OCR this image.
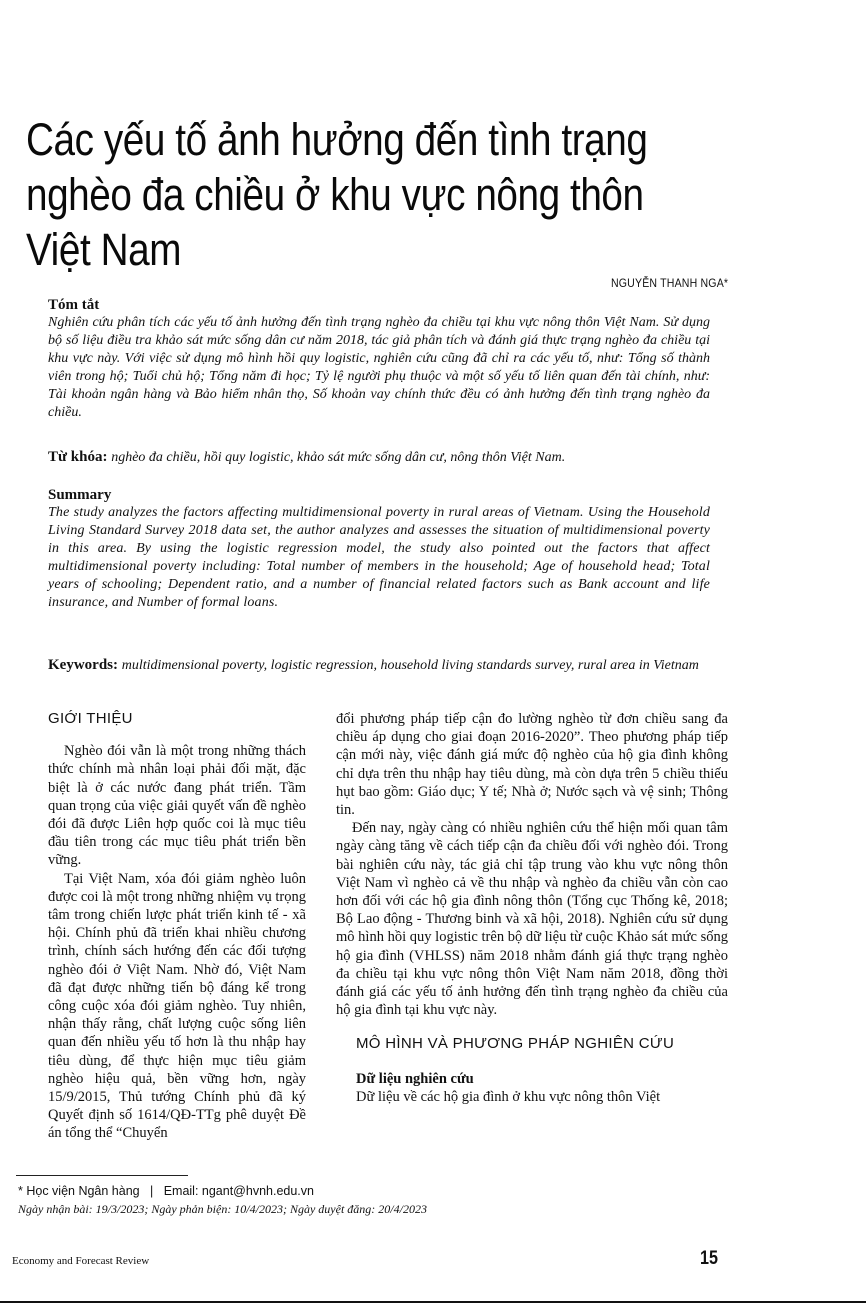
Các yếu tố ảnh hưởng đến tình trạng
nghèo đa chiều ở khu vực nông thôn
Việt Nam
NGUYỄN THANH NGA*
Tóm tắt

Nghiên cứu phân tích các yếu tố ảnh hưởng đến tình trạng nghèo đa chiều tại khu vực nông thôn Việt Nam. Sử dụng bộ số liệu điều tra khảo sát mức sống dân cư năm 2018, tác giả phân tích và đánh giá thực trạng nghèo đa chiều tại khu vực này. Với việc sử dụng mô hình hồi quy logistic, nghiên cứu cũng đã chỉ ra các yếu tố, như: Tổng số thành viên trong hộ; Tuổi chủ hộ; Tổng năm đi học; Tỷ lệ người phụ thuộc và một số yếu tố liên quan đến tài chính, như: Tài khoản ngân hàng và Bảo hiểm nhân thọ, Số khoản vay chính thức đều có ảnh hưởng đến tình trạng nghèo đa chiều.

Từ khóa: nghèo đa chiều, hồi quy logistic, khảo sát mức sống dân cư, nông thôn Việt Nam.
Summary

The study analyzes the factors affecting multidimensional poverty in rural areas of Vietnam. Using the Household Living Standard Survey 2018 data set, the author analyzes and assesses the situation of multidimensional poverty in this area. By using the logistic regression model, the study also pointed out the factors that affect multidimensional poverty including: Total number of members in the household; Age of household head; Total years of schooling; Dependent ratio, and a number of financial related factors such as Bank account and life insurance, and Number of formal loans.

Keywords: multidimensional poverty, logistic regression, household living standards survey, rural area in Vietnam
GIỚI THIỆU

Nghèo đói vẫn là một trong những thách thức chính mà nhân loại phải đối mặt, đặc biệt là ở các nước đang phát triển. Tầm quan trọng của việc giải quyết vấn đề nghèo đói đã được Liên hợp quốc coi là mục tiêu đầu tiên trong các mục tiêu phát triển bền vững.

Tại Việt Nam, xóa đói giảm nghèo luôn được coi là một trong những nhiệm vụ trọng tâm trong chiến lược phát triển kinh tế - xã hội. Chính phủ đã triển khai nhiều chương trình, chính sách hướng đến các đối tượng nghèo đói ở Việt Nam. Nhờ đó, Việt Nam đã đạt được những tiến bộ đáng kể trong công cuộc xóa đói giảm nghèo. Tuy nhiên, nhận thấy rằng, chất lượng cuộc sống liên quan đến nhiều yếu tố hơn là thu nhập hay tiêu dùng, để thực hiện mục tiêu giảm nghèo hiệu quả, bền vững hơn, ngày 15/9/2015, Thủ tướng Chính phủ đã ký Quyết định số 1614/QĐ-TTg phê duyệt Đề án tổng thể “Chuyển

đổi phương pháp tiếp cận đo lường nghèo từ đơn chiều sang đa chiều áp dụng cho giai đoạn 2016-2020”. Theo phương pháp tiếp cận mới này, việc đánh giá mức độ nghèo của hộ gia đình không chỉ dựa trên thu nhập hay tiêu dùng, mà còn dựa trên 5 chiều thiếu hụt bao gồm: Giáo dục; Y tế; Nhà ở; Nước sạch và vệ sinh; Thông tin.

Đến nay, ngày càng có nhiều nghiên cứu thể hiện mối quan tâm ngày càng tăng về cách tiếp cận đa chiều đối với nghèo đói. Trong bài nghiên cứu này, tác giả chỉ tập trung vào khu vực nông thôn Việt Nam vì nghèo cả về thu nhập và nghèo đa chiều vẫn còn cao hơn đối với các hộ gia đình nông thôn (Tổng cục Thống kê, 2018; Bộ Lao động - Thương binh và xã hội, 2018). Nghiên cứu sử dụng mô hình hồi quy logistic trên bộ dữ liệu từ cuộc Khảo sát mức sống hộ gia đình (VHLSS) năm 2018 nhằm đánh giá thực trạng nghèo đa chiều tại khu vực nông thôn Việt Nam năm 2018, đồng thời đánh giá các yếu tố ảnh hưởng đến tình trạng nghèo đa chiều của hộ gia đình tại khu vực này.

MÔ HÌNH VÀ PHƯƠNG PHÁP NGHIÊN CỨU
Dữ liệu nghiên cứu

Dữ liệu về các hộ gia đình ở khu vực nông thôn Việt

* Học viện Ngân hàng   |   Email: ngant@hvnh.edu.vn
Ngày nhận bài: 19/3/2023; Ngày phản biện: 10/4/2023; Ngày duyệt đăng: 20/4/2023
Economy and Forecast Review	15
